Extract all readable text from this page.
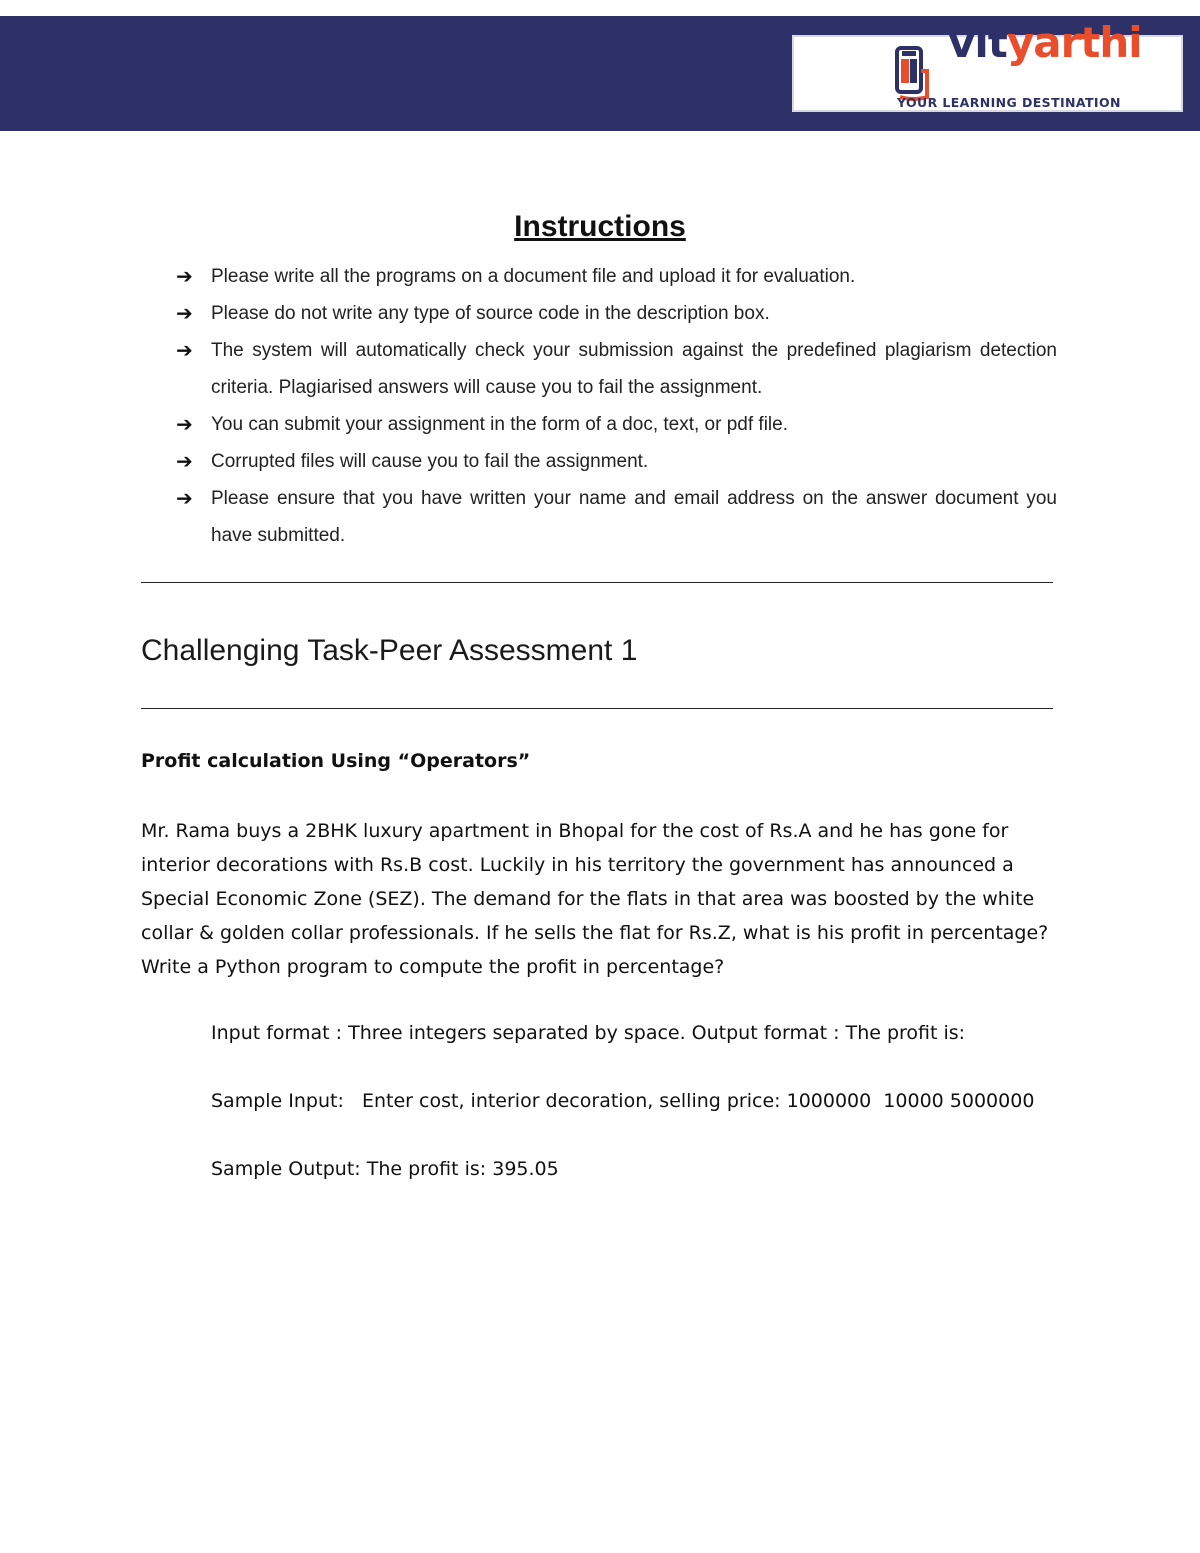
vityarthi
YOUR LEARNING DESTINATION
Instructions
➔ Please write all the programs on a document file and upload it for evaluation.
➔ Please do not write any type of source code in the description box.
➔ The system will automatically check your submission against the predefined plagiarism detection criteria. Plagiarised answers will cause you to fail the assignment.
➔ You can submit your assignment in the form of a doc, text, or pdf file.
➔ Corrupted files will cause you to fail the assignment.
➔ Please ensure that you have written your name and email address on the answer document you have submitted.
Challenging Task-Peer Assessment 1
Profit calculation Using “Operators”
Mr. Rama buys a 2BHK luxury apartment in Bhopal for the cost of Rs.A and he has gone for interior decorations with Rs.B cost. Luckily in his territory the government has announced a Special Economic Zone (SEZ). The demand for the flats in that area was boosted by the white collar & golden collar professionals. If he sells the flat for Rs.Z, what is his profit in percentage? Write a Python program to compute the profit in percentage?
Input format : Three integers separated by space. Output format : The profit is:
Sample Input:   Enter cost, interior decoration, selling price: 1000000  10000 5000000
Sample Output: The profit is: 395.05
